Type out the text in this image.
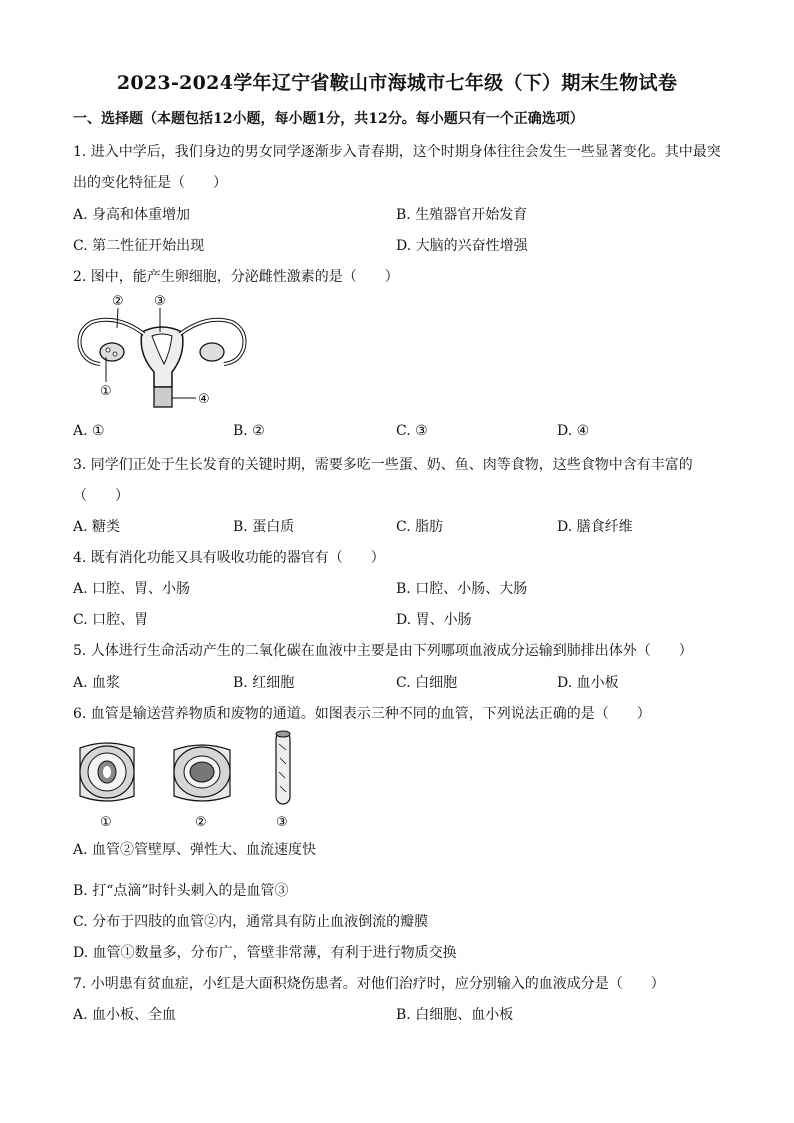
2023-2024学年辽宁省鞍山市海城市七年级（下）期末生物试卷
一、选择题（本题包括12小题，每小题1分，共12分。每小题只有一个正确选项）
1. 进入中学后，我们身边的男女同学逐渐步入青春期，这个时期身体往往会发生一些显著变化。其中最突
出的变化特征是（　　）
A. 身高和体重增加	B. 生殖器官开始发育
C. 第二性征开始出现	D. 大脑的兴奋性增强
2. 图中，能产生卵细胞，分泌雌性激素的是（　　）
② ③
①
④
A. ①	B. ②	C. ③	D. ④
3. 同学们正处于生长发育的关键时期，需要多吃一些蛋、奶、鱼、肉等食物，这些食物中含有丰富的
（　　）
A. 糖类	B. 蛋白质	C. 脂肪	D. 膳食纤维
4. 既有消化功能又具有吸收功能的器官有（　　）
A. 口腔、胃、小肠	B. 口腔、小肠、大肠
C. 口腔、胃	D. 胃、小肠
5. 人体进行生命活动产生的二氧化碳在血液中主要是由下列哪项血液成分运输到肺排出体外（　　）
A. 血浆	B. 红细胞	C. 白细胞	D. 血小板
6. 血管是输送营养物质和废物的通道。如图表示三种不同的血管，下列说法正确的是（　　）
①	②	③
A. 血管②管壁厚、弹性大、血流速度快
B. 打“点滴”时针头刺入的是血管③
C. 分布于四肢的血管②内，通常具有防止血液倒流的瓣膜
D. 血管①数量多，分布广，管壁非常薄，有利于进行物质交换
7. 小明患有贫血症，小红是大面积烧伤患者。对他们治疗时，应分别输入的血液成分是（　　）
A. 血小板、全血	B. 白细胞、血小板
